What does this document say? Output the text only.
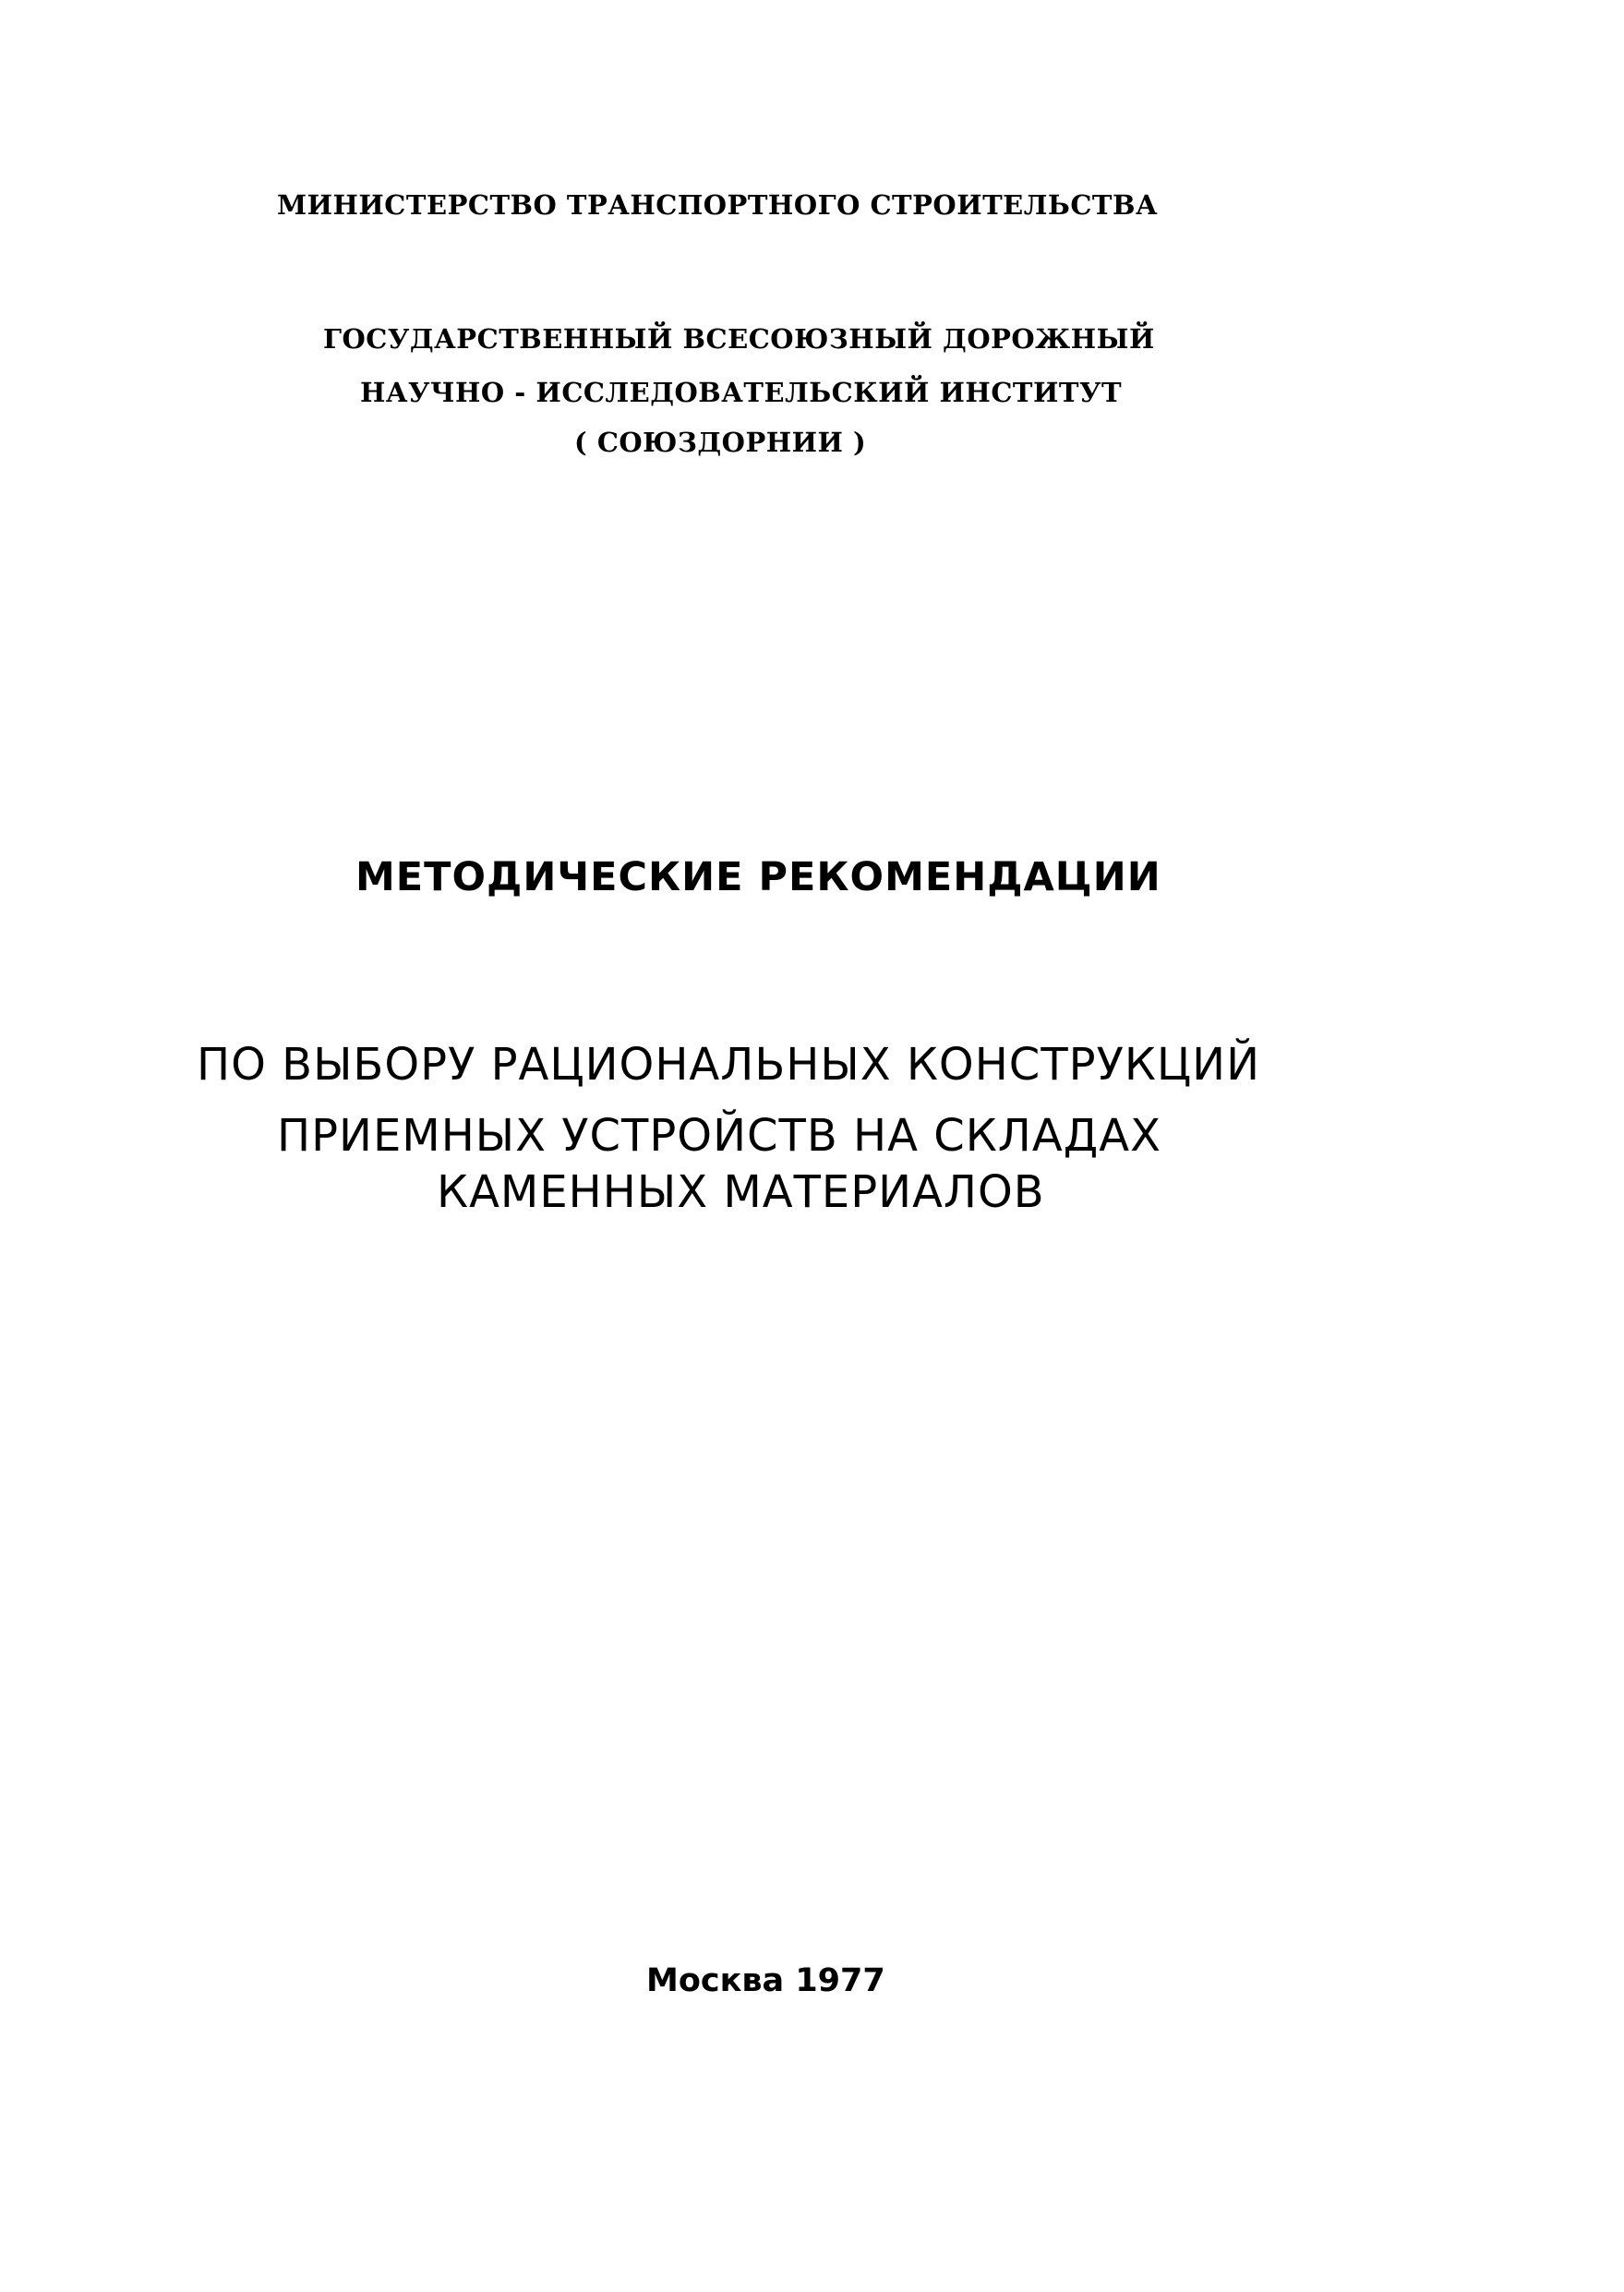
МИНИСТЕРСТВО ТРАНСПОРТНОГО СТРОИТЕЛЬСТВА

ГОСУДАРСТВЕННЫЙ ВСЕСОЮЗНЫЙ ДОРОЖНЫЙ

НАУЧНО - ИССЛЕДОВАТЕЛЬСКИЙ ИНСТИТУТ

( СОЮЗДОРНИИ )

МЕТОДИЧЕСКИЕ РЕКОМЕНДАЦИИ

ПО ВЫБОРУ РАЦИОНАЛЬНЫХ КОНСТРУКЦИЙ

ПРИЕМНЫХ УСТРОЙСТВ НА СКЛАДАХ

КАМЕННЫХ МАТЕРИАЛОВ

Москва 1977
